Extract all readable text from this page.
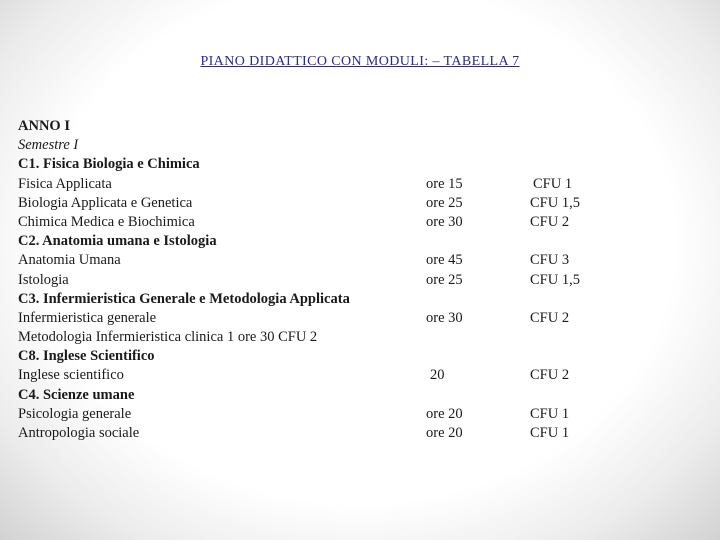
PIANO DIDATTICO CON MODULI: – TABELLA 7
ANNO I
Semestre I
C1. Fisica Biologia e Chimica
Fisica Applicata	ore 15	CFU 1
Biologia Applicata e Genetica	ore 25	CFU 1,5
Chimica Medica e Biochimica	ore 30	CFU 2
C2. Anatomia umana e Istologia
Anatomia Umana	ore 45	CFU 3
Istologia	ore 25	CFU 1,5
C3. Infermieristica Generale e Metodologia Applicata
Infermieristica generale	ore 30	CFU 2
Metodologia Infermieristica clinica 1 ore 30 CFU 2
C8. Inglese Scientifico
Inglese scientifico	20	CFU 2
C4. Scienze umane
Psicologia generale	ore 20	CFU 1
Antropologia sociale	ore 20	CFU 1
